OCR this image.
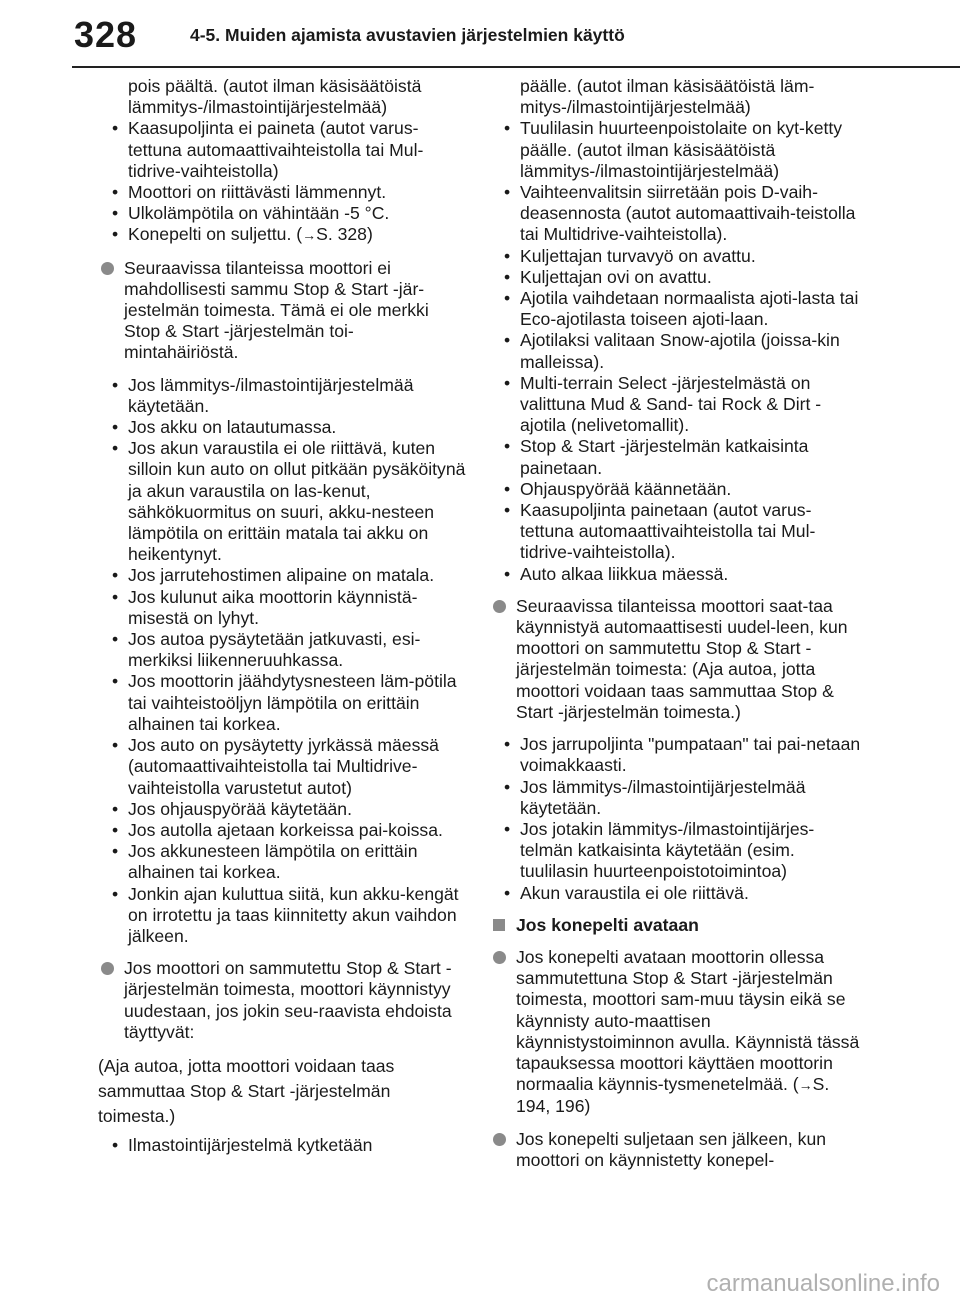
328	4-5. Muiden ajamista avustavien järjestelmien käyttö

pois päältä. (autot ilman käsisäätöistä lämmitys-/ilmastointijärjestelmää)

• Kaasupoljinta ei paineta (autot varus-tettuna automaattivaihteistolla tai Mul-tidrive-vaihteistolla)
• Moottori on riittävästi lämmennyt.
• Ulkolämpötila on vähintään -5 °C.
• Konepelti on suljettu. (→S. 328)
Seuraavissa tilanteissa moottori ei mahdollisesti sammu Stop & Start -jär-jestelmän toimesta. Tämä ei ole merkki Stop & Start -järjestelmän toi-mintahäiriöstä.
• Jos lämmitys-/ilmastointijärjestelmää käytetään.
• Jos akku on latautumassa.
• Jos akun varaustila ei ole riittävä, kuten silloin kun auto on ollut pitkään pysäköitynä ja akun varaustila on las-kenut, sähkökuormitus on suuri, akku-nesteen lämpötila on erittäin matala tai akku on heikentynyt.
• Jos jarrutehostimen alipaine on matala.
• Jos kulunut aika moottorin käynnistä-misestä on lyhyt.
• Jos autoa pysäytetään jatkuvasti, esi-merkiksi liikenneruuhkassa.
• Jos moottorin jäähdytysnesteen läm-pötila tai vaihteistoöljyn lämpötila on erittäin alhainen tai korkea.
• Jos auto on pysäytetty jyrkässä mäessä (automaattivaihteistolla tai Multidrive-vaihteistolla varustetut autot)
• Jos ohjauspyörää käytetään.
• Jos autolla ajetaan korkeissa pai-koissa.
• Jos akkunesteen lämpötila on erittäin alhainen tai korkea.
• Jonkin ajan kuluttua siitä, kun akku-kengät on irrotettu ja taas kiinnitetty akun vaihdon jälkeen.
Jos moottori on sammutettu Stop & Start -järjestelmän toimesta, moottori käynnistyy uudestaan, jos jokin seu-raavista ehdoista täyttyvät:
(Aja autoa, jotta moottori voidaan taas
sammuttaa Stop & Start -järjestelmän
toimesta.)
• Ilmastointijärjestelmä kytketään

päälle. (autot ilman käsisäätöistä läm-mitys-/ilmastointijärjestelmää)

• Tuulilasin huurteenpoistolaite on kyt-ketty päälle. (autot ilman käsisäätöistä lämmitys-/ilmastointijärjestelmää)
• Vaihteenvalitsin siirretään pois D-vaih-deasennosta (autot automaattivaih-teistolla tai Multidrive-vaihteistolla).
• Kuljettajan turvavyö on avattu.
• Kuljettajan ovi on avattu.
• Ajotila vaihdetaan normaalista ajoti-lasta tai Eco-ajotilasta toiseen ajoti-laan.
• Ajotilaksi valitaan Snow-ajotila (joissa-kin malleissa).
• Multi-terrain Select -järjestelmästä on valittuna Mud & Sand- tai Rock & Dirt -ajotila (nelivetomallit).
• Stop & Start -järjestelmän katkaisinta painetaan.
• Ohjauspyörää käännetään.
• Kaasupoljinta painetaan (autot varus-tettuna automaattivaihteistolla tai Mul-tidrive-vaihteistolla).
• Auto alkaa liikkua mäessä.
Seuraavissa tilanteissa moottori saat-taa käynnistyä automaattisesti uudel-leen, kun moottori on sammutettu Stop & Start -järjestelmän toimesta: (Aja autoa, jotta moottori voidaan taas sammuttaa Stop & Start -järjestelmän toimesta.)
• Jos jarrupoljinta "pumpataan" tai pai-netaan voimakkaasti.
• Jos lämmitys-/ilmastointijärjestelmää käytetään.
• Jos jotakin lämmitys-/ilmastointijärjes-telmän katkaisinta käytetään (esim. tuulilasin huurteenpoistotoimintoa)
• Akun varaustila ei ole riittävä.
Jos konepelti avataan
Jos konepelti avataan moottorin ollessa sammutettuna Stop & Start -järjestelmän toimesta, moottori sam-muu täysin eikä se käynnisty auto-maattisen käynnistystoiminnon avulla. Käynnistä tässä tapauksessa moottori käyttäen moottorin normaalia käynnis-tysmenetelmää. (→S. 194, 196)
Jos konepelti suljetaan sen jälkeen, kun moottori on käynnistetty konepel-
carmanualsonline.info
